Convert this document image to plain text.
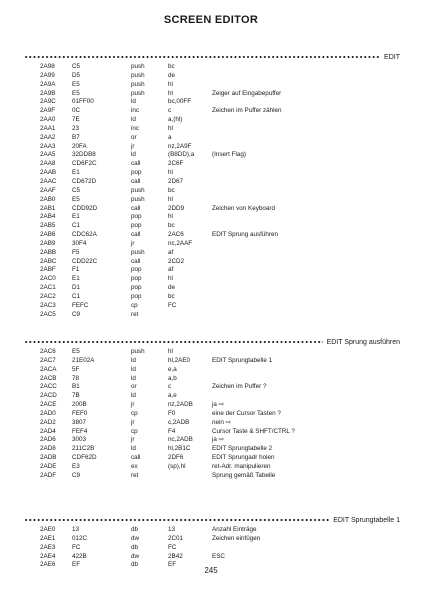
SCREEN EDITOR
EDIT
2A98	C5	push	bc
2A99	D5	push	de
2A9A	E5	push	hl
2A9B	E5	push	hl	Zeiger auf Eingabepuffer
2A9C	01FF00	ld	bc,00FF
2A9F	0C	inc	c	Zeichen im Puffer zählen
2AA0	7E	ld	a,(hl)
2AA1	23	inc	hl
2AA2	B7	or	a
2AA3	20FA	jr	nz,2A9F
2AA5	32DDB8	ld	(B8DD),a	(Insert Flag)
2AA8	CD6F2C	call	2C6F
2AAB	E1	pop	hl
2AAC CD672D	call	2D67
2AAF	C5	push	bc
2AB0	E5	push	hl
2AB1	CDD92D	call	2DD9	Zeichen von Keyboard
2AB4	E1	pop	hl
2AB5	C1	pop	bc
2AB6	CDC62A	call	2AC6	EDIT Sprung ausführen
2AB9	30F4	jr	nc,2AAF
2ABB	F5	push	af
2ABC CDD22C	call	2CD2
2ABF	F1	pop	af
2AC0	E1	pop	hl
2AC1	D1	pop	de
2AC2	C1	pop	bc
2AC3	FEFC	cp	FC
2AC5	C9	ret
EDIT Sprung ausführen
2AC6	E5	push	hl
2AC7	21E02A	ld	hl,2AE0	EDIT Sprungtabelle 1
2ACA 5F	ld	e,a
2ACB 78	ld	a,b
2ACC B1	or	c	Zeichen im Puffer ?
2ACD 7B	ld	a,e
2ACE 200B	jr	nz,2ADB	ja ⇨
2AD0	FEF0	cp	F0	eine der Cursor Tasten ?
2AD2	3807	jr	c,2ADB	nein ⇨
2AD4	FEF4	cp	F4	Cursor Taste & SHFT/CTRL ?
2AD6	3003	jr	nc,2ADB	ja ⇨
2AD8	211C2B	ld	hl,2B1C	EDIT Sprungtabelle 2
2ADB CDF62D	call	2DF6	EDIT Sprungadr holen
2ADE E3	ex	(sp),hl	ret-Adr. manipulieren
2ADF	C9	ret	Sprung gemäß Tabelle
EDIT Sprungtabelle 1
2AE0	13	db	13	Anzahl Einträge
2AE1	012C	dw	2C01	Zeichen einfügen
2AE3	FC	db	FC
2AE4	422B	dw	2B42	ESC
2AE6	EF	db	EF
245
